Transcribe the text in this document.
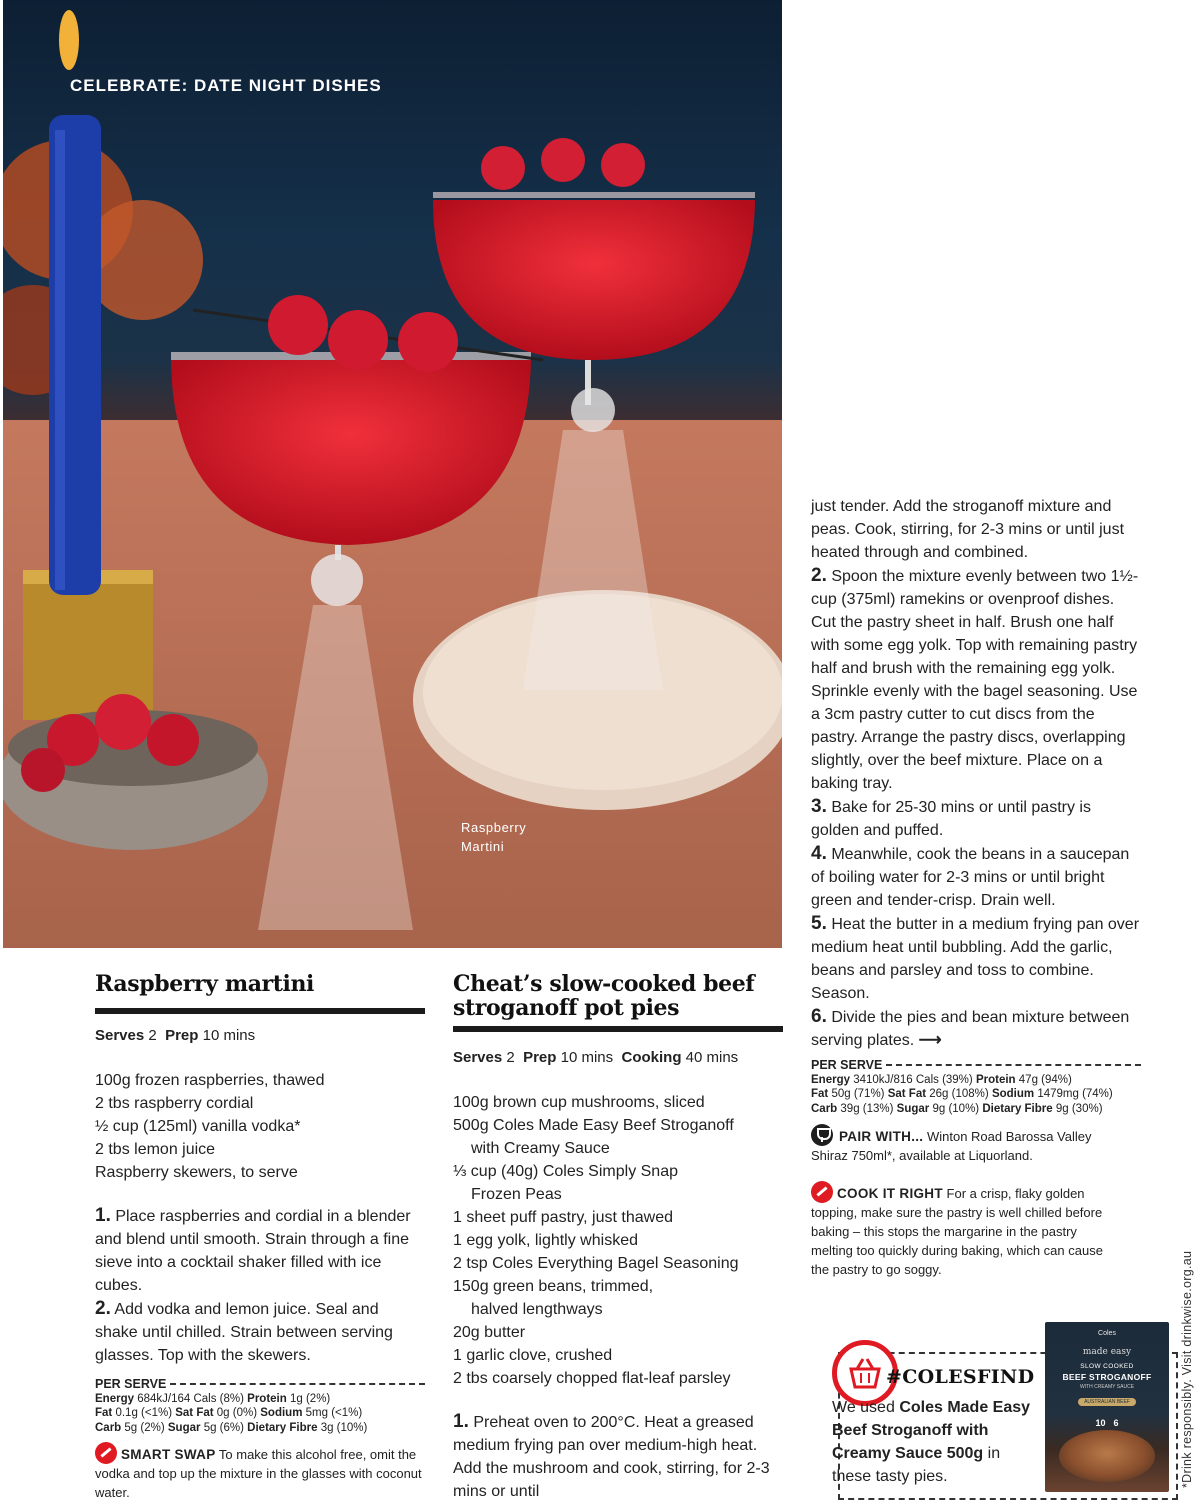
CELEBRATE: DATE NIGHT DISHES
Raspberry Martini
Raspberry martini
Serves 2 Prep 10 mins
100g frozen raspberries, thawed
2 tbs raspberry cordial
½ cup (125ml) vanilla vodka*
2 tbs lemon juice
Raspberry skewers, to serve
1. Place raspberries and cordial in a blender and blend until smooth. Strain through a fine sieve into a cocktail shaker filled with ice cubes.
2. Add vodka and lemon juice. Seal and shake until chilled. Strain between serving glasses. Top with the skewers.
PER SERVE
Energy 684kJ/164 Cals (8%) Protein 1g (2%)
Fat 0.1g (<1%) Sat Fat 0g (0%) Sodium 5mg (<1%)
Carb 5g (2%) Sugar 5g (6%) Dietary Fibre 3g (10%)
SMART SWAP To make this alcohol free, omit the vodka and top up the mixture in the glasses with coconut water.
Cheat’s slow-cooked beef stroganoff pot pies
Serves 2 Prep 10 mins Cooking 40 mins
100g brown cup mushrooms, sliced
500g Coles Made Easy Beef Stroganoff
with Creamy Sauce
⅓ cup (40g) Coles Simply Snap
Frozen Peas
1 sheet puff pastry, just thawed
1 egg yolk, lightly whisked
2 tsp Coles Everything Bagel Seasoning
150g green beans, trimmed,
halved lengthways
20g butter
1 garlic clove, crushed
2 tbs coarsely chopped flat-leaf parsley
1. Preheat oven to 200°C. Heat a greased medium frying pan over medium-high heat. Add the mushroom and cook, stirring, for 2-3 mins or until
just tender. Add the stroganoff mixture and peas. Cook, stirring, for 2-3 mins or until just heated through and combined.
2. Spoon the mixture evenly between two 1½-cup (375ml) ramekins or ovenproof dishes. Cut the pastry sheet in half. Brush one half with some egg yolk. Top with remaining pastry half and brush with the remaining egg yolk. Sprinkle evenly with the bagel seasoning. Use a 3cm pastry cutter to cut discs from the pastry. Arrange the pastry discs, overlapping slightly, over the beef mixture. Place on a baking tray.
3. Bake for 25-30 mins or until pastry is golden and puffed.
4. Meanwhile, cook the beans in a saucepan of boiling water for 2-3 mins or until bright green and tender-crisp. Drain well.
5. Heat the butter in a medium frying pan over medium heat until bubbling. Add the garlic, beans and parsley and toss to combine. Season.
6. Divide the pies and bean mixture between serving plates. ⟶
PER SERVE
Energy 3410kJ/816 Cals (39%) Protein 47g (94%)
Fat 50g (71%) Sat Fat 26g (108%) Sodium 1479mg (74%)
Carb 39g (13%) Sugar 9g (10%) Dietary Fibre 9g (30%)
PAIR WITH... Winton Road Barossa Valley Shiraz 750ml*, available at Liquorland.
COOK IT RIGHT For a crisp, flaky golden topping, make sure the pastry is well chilled before baking – this stops the margarine in the pastry melting too quickly during baking, which can cause the pastry to go soggy.
#COLESFIND
We used Coles Made Easy Beef Stroganoff with Creamy Sauce 500g in these tasty pies.
Coles
made easy
SLOW COOKED
BEEF STROGANOFF
WITH CREAMY SAUCE
AUSTRALIAN BEEF
10 6	*Drink responsibly. Visit drinkwise.org.au
